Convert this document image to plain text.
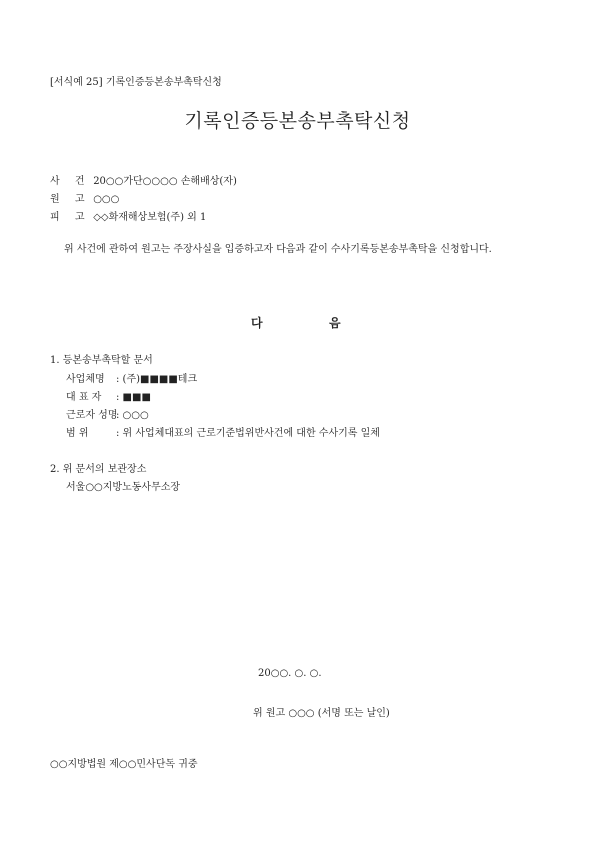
[서식예 25] 기록인증등본송부촉탁신청
기록인증등본송부촉탁신청
사 건 20○○가단○○○○ 손해배상(자)
원 고 ○○○
피 고 ◇◇화재해상보험(주) 외 1
위 사건에 관하여 원고는 주장사실을 입증하고자 다음과 같이 수사기록등본송부촉탁을 신청합니다.
다	음
1. 등본송부촉탁할 문서
사업체명 : (주)■■■■테크
대 표 자 : ■■■
근로자 성명: ○○○
범 위	: 위 사업체대표의 근로기준법위반사건에 대한 수사기록 일체
2. 위 문서의 보관장소
서울○○지방노동사무소장
20○○. ○. ○.
위 원고 ○○○ (서명 또는 날인)
○○지방법원 제○○민사단독 귀중
